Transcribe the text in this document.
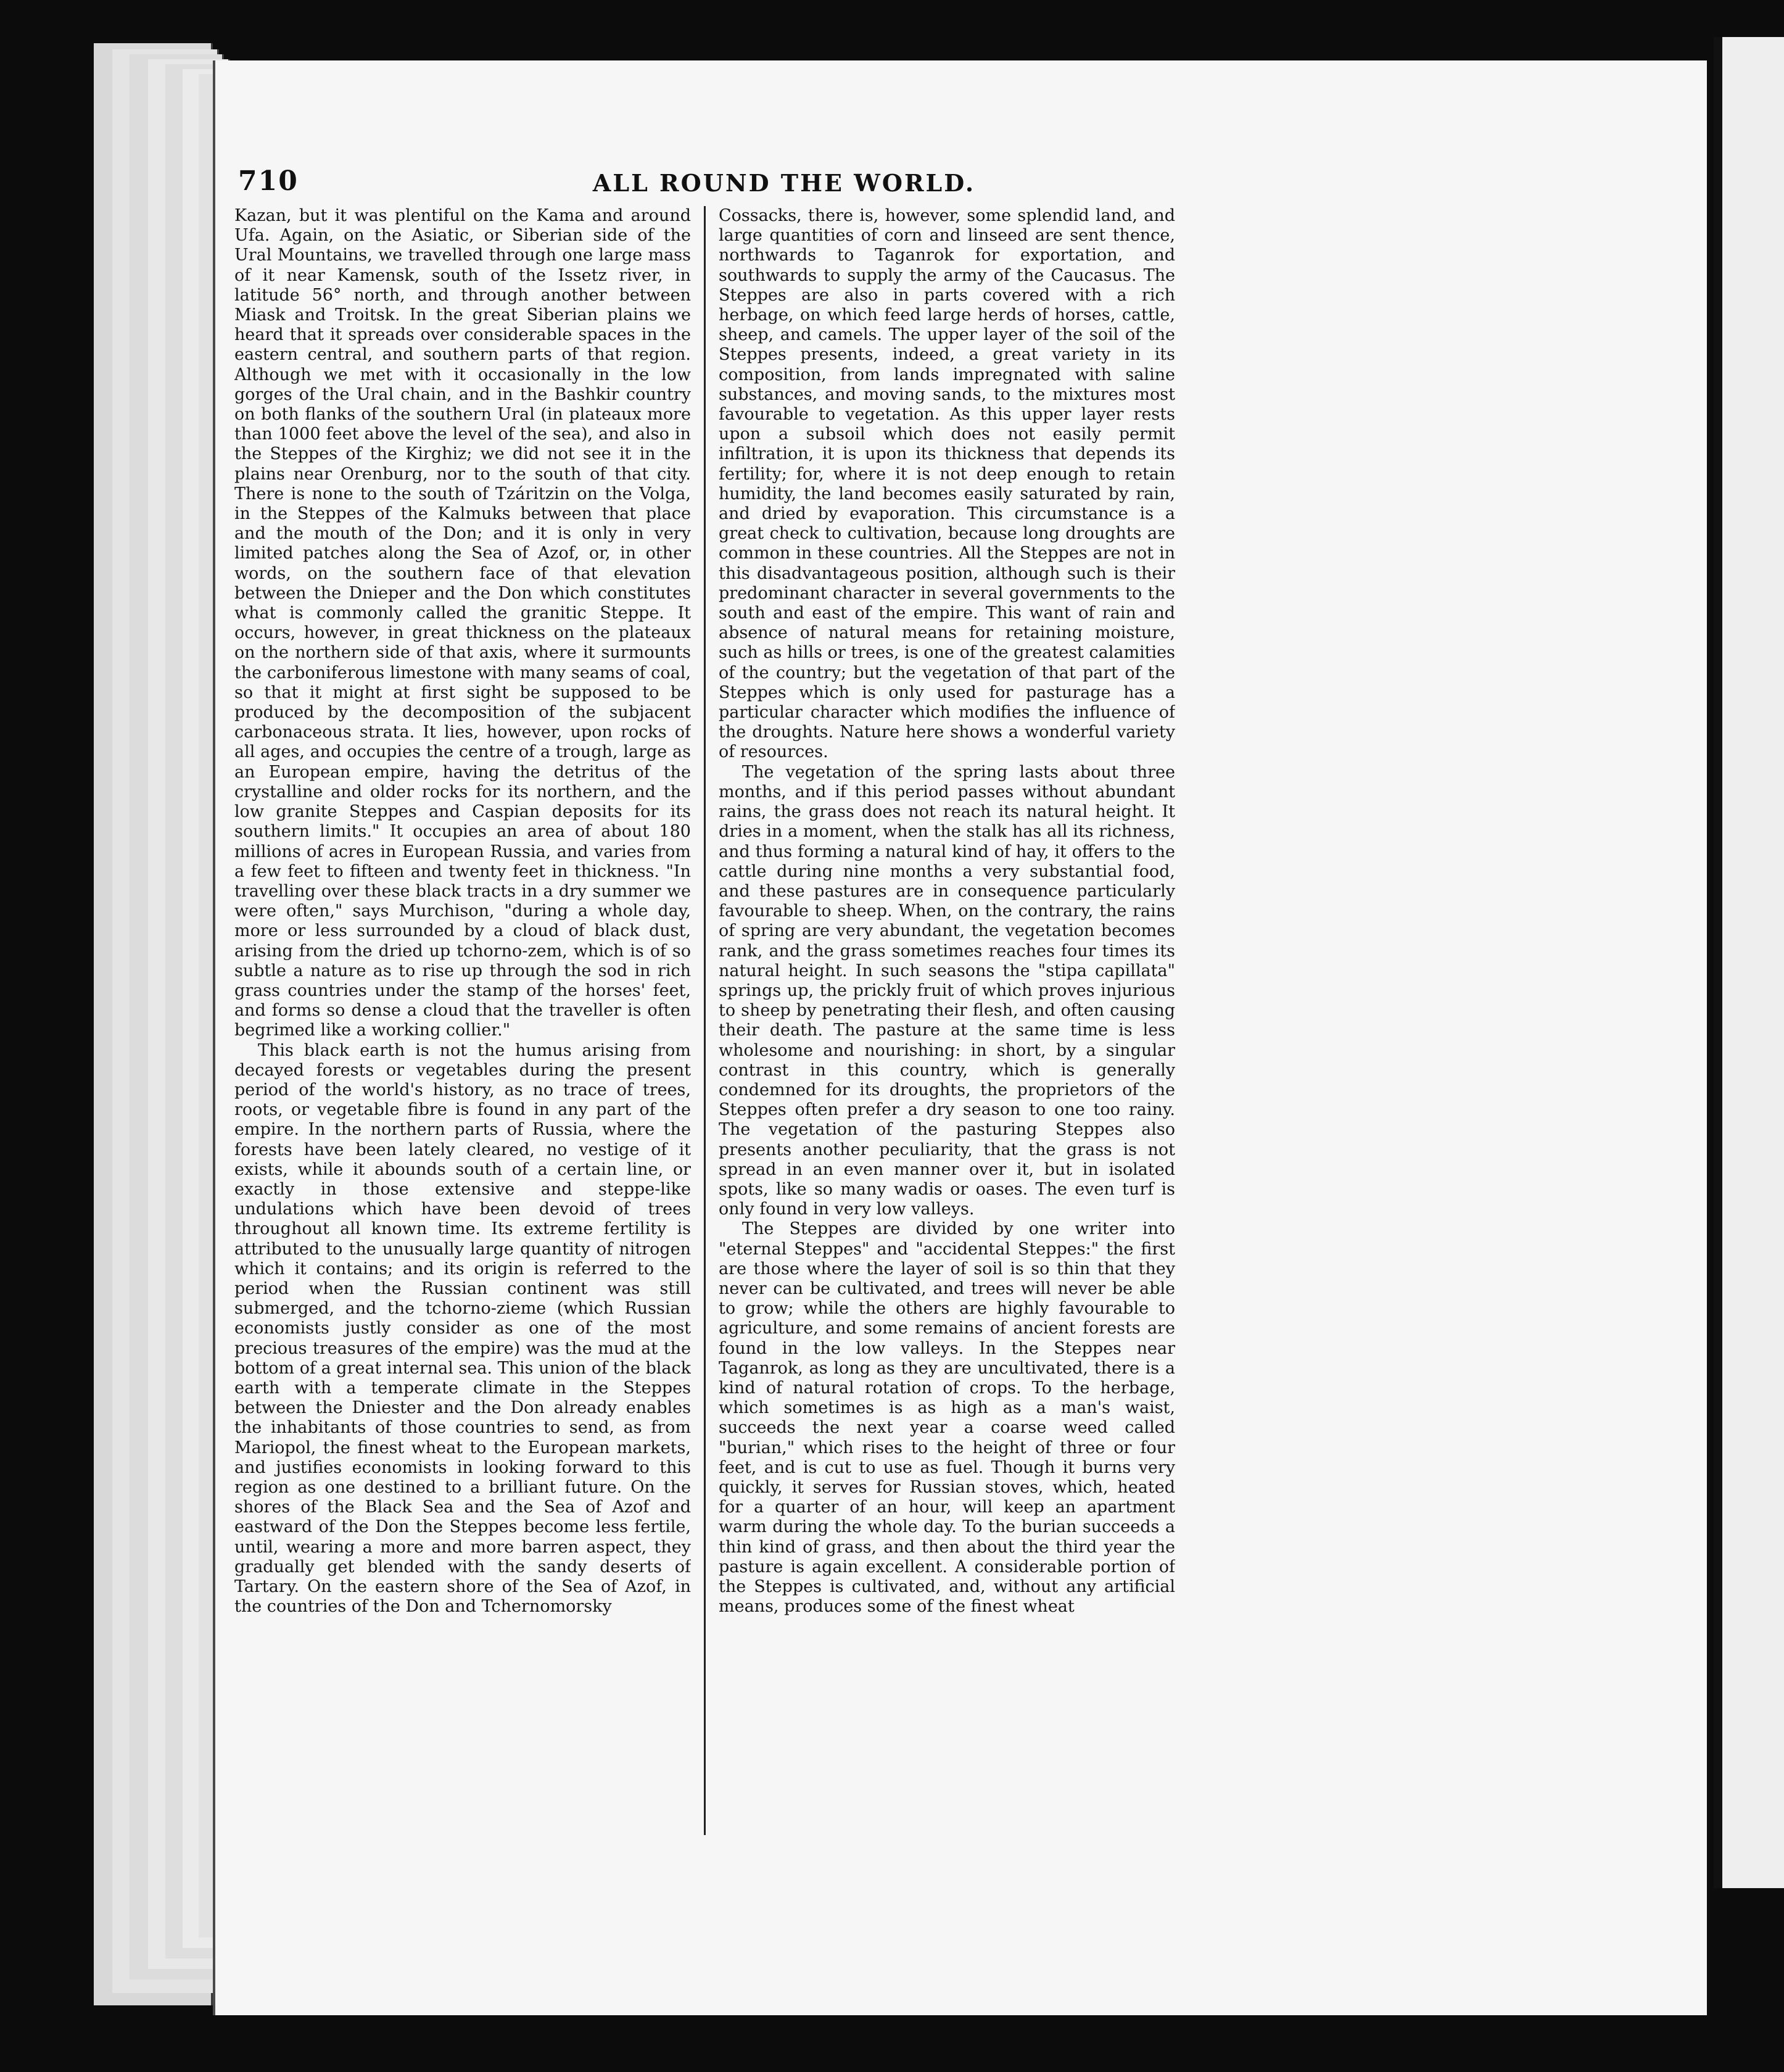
710	ALL ROUND THE WORLD.

Kazan, but it was plentiful on the Kama and around Ufa. Again, on the Asiatic, or Siberian side of the Ural Mountains, we travelled through one large mass of it near Kamensk, south of the Issetz river, in latitude 56° north, and through another between Miask and Troitsk. In the great Siberian plains we heard that it spreads over considerable spaces in the eastern central, and southern parts of that region. Although we met with it occasionally in the low gorges of the Ural chain, and in the Bashkir country on both flanks of the southern Ural (in plateaux more than 1000 feet above the level of the sea), and also in the Steppes of the Kirghiz; we did not see it in the plains near Orenburg, nor to the south of that city. There is none to the south of Tzáritzin on the Volga, in the Steppes of the Kalmuks between that place and the mouth of the Don; and it is only in very limited patches along the Sea of Azof, or, in other words, on the southern face of that elevation between the Dnieper and the Don which constitutes what is commonly called the granitic Steppe. It occurs, however, in great thickness on the plateaux on the northern side of that axis, where it surmounts the carboniferous limestone with many seams of coal, so that it might at first sight be supposed to be produced by the decomposition of the subjacent carbonaceous strata. It lies, however, upon rocks of all ages, and occupies the centre of a trough, large as an European empire, having the detritus of the crystalline and older rocks for its northern, and the low granite Steppes and Caspian deposits for its southern limits." It occupies an area of about 180 millions of acres in European Russia, and varies from a few feet to fifteen and twenty feet in thickness. "In travelling over these black tracts in a dry summer we were often," says Murchison, "during a whole day, more or less surrounded by a cloud of black dust, arising from the dried up tchorno-zem, which is of so subtle a nature as to rise up through the sod in rich grass countries under the stamp of the horses' feet, and forms so dense a cloud that the traveller is often begrimed like a working collier."

This black earth is not the humus arising from decayed forests or vegetables during the present period of the world's history, as no trace of trees, roots, or vegetable fibre is found in any part of the empire. In the northern parts of Russia, where the forests have been lately cleared, no vestige of it exists, while it abounds south of a certain line, or exactly in those extensive and steppe-like undulations which have been devoid of trees throughout all known time. Its extreme fertility is attributed to the unusually large quantity of nitrogen which it contains; and its origin is referred to the period when the Russian continent was still submerged, and the tchorno-zieme (which Russian economists justly consider as one of the most precious treasures of the empire) was the mud at the bottom of a great internal sea. This union of the black earth with a temperate climate in the Steppes between the Dniester and the Don already enables the inhabitants of those countries to send, as from Mariopol, the finest wheat to the European markets, and justifies economists in looking forward to this region as one destined to a brilliant future. On the shores of the Black Sea and the Sea of Azof and eastward of the Don the Steppes become less fertile, until, wearing a more and more barren aspect, they gradually get blended with the sandy deserts of Tartary. On the eastern shore of the Sea of Azof, in the countries of the Don and Tchernomorsky

Cossacks, there is, however, some splendid land, and large quantities of corn and linseed are sent thence, northwards to Taganrok for exportation, and southwards to supply the army of the Caucasus. The Steppes are also in parts covered with a rich herbage, on which feed large herds of horses, cattle, sheep, and camels. The upper layer of the soil of the Steppes presents, indeed, a great variety in its composition, from lands impregnated with saline substances, and moving sands, to the mixtures most favourable to vegetation. As this upper layer rests upon a subsoil which does not easily permit infiltration, it is upon its thickness that depends its fertility; for, where it is not deep enough to retain humidity, the land becomes easily saturated by rain, and dried by evaporation. This circumstance is a great check to cultivation, because long droughts are common in these countries. All the Steppes are not in this disadvantageous position, although such is their predominant character in several governments to the south and east of the empire. This want of rain and absence of natural means for retaining moisture, such as hills or trees, is one of the greatest calamities of the country; but the vegetation of that part of the Steppes which is only used for pasturage has a particular character which modifies the influence of the droughts. Nature here shows a wonderful variety of resources.

The vegetation of the spring lasts about three months, and if this period passes without abundant rains, the grass does not reach its natural height. It dries in a moment, when the stalk has all its richness, and thus forming a natural kind of hay, it offers to the cattle during nine months a very substantial food, and these pastures are in consequence particularly favourable to sheep. When, on the contrary, the rains of spring are very abundant, the vegetation becomes rank, and the grass sometimes reaches four times its natural height. In such seasons the "stipa capillata" springs up, the prickly fruit of which proves injurious to sheep by penetrating their flesh, and often causing their death. The pasture at the same time is less wholesome and nourishing: in short, by a singular contrast in this country, which is generally condemned for its droughts, the proprietors of the Steppes often prefer a dry season to one too rainy. The vegetation of the pasturing Steppes also presents another peculiarity, that the grass is not spread in an even manner over it, but in isolated spots, like so many wadis or oases. The even turf is only found in very low valleys.

The Steppes are divided by one writer into "eternal Steppes" and "accidental Steppes:" the first are those where the layer of soil is so thin that they never can be cultivated, and trees will never be able to grow; while the others are highly favourable to agriculture, and some remains of ancient forests are found in the low valleys. In the Steppes near Taganrok, as long as they are uncultivated, there is a kind of natural rotation of crops. To the herbage, which sometimes is as high as a man's waist, succeeds the next year a coarse weed called "burian," which rises to the height of three or four feet, and is cut to use as fuel. Though it burns very quickly, it serves for Russian stoves, which, heated for a quarter of an hour, will keep an apartment warm during the whole day. To the burian succeeds a thin kind of grass, and then about the third year the pasture is again excellent. A considerable portion of the Steppes is cultivated, and, without any artificial means, produces some of the finest wheat
